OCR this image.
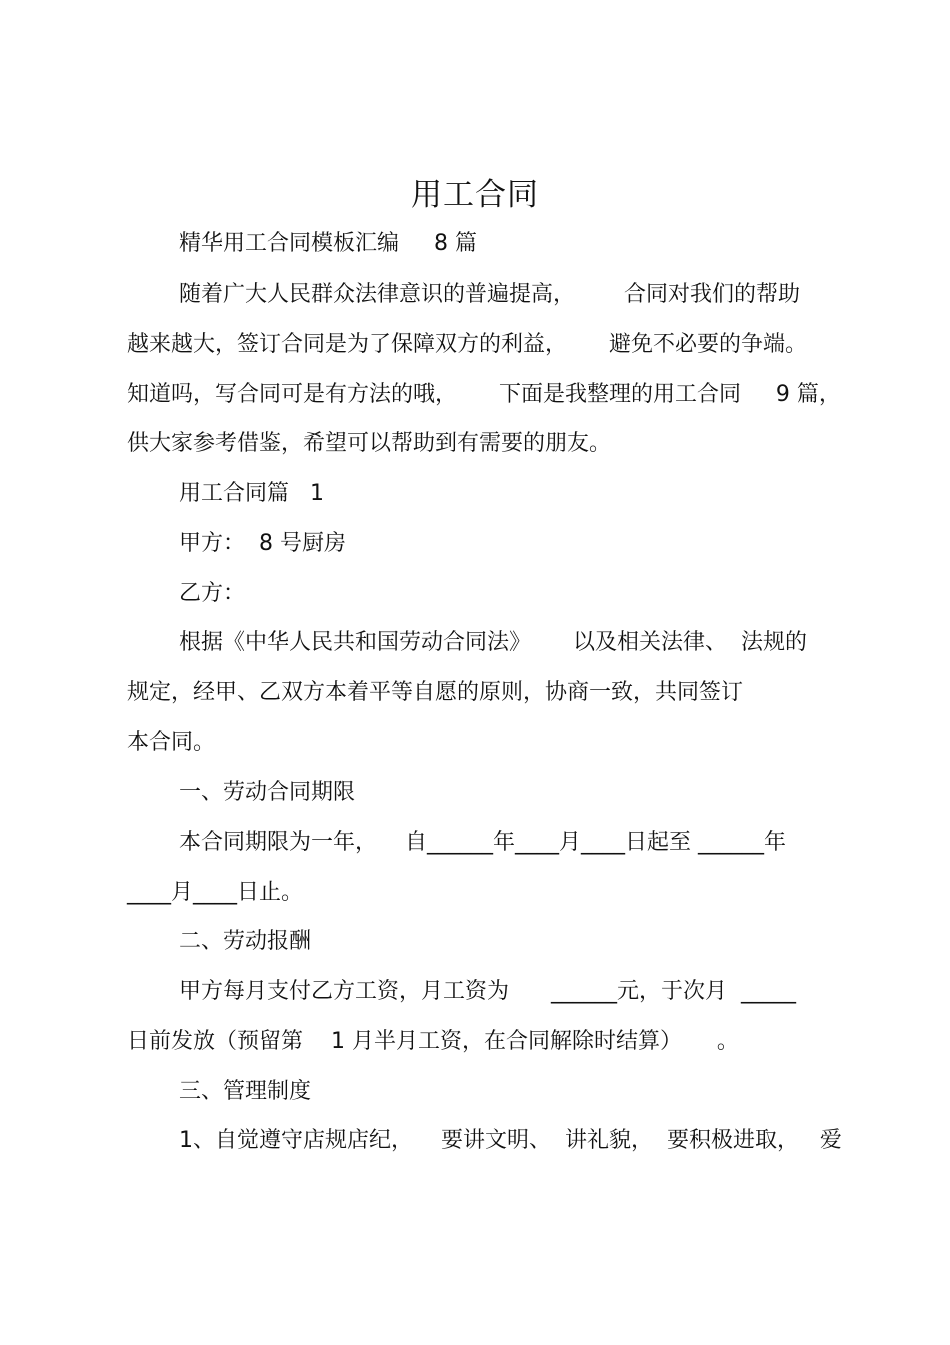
用工合同
精华用工合同模板汇编     8 篇
随着广大人民群众法律意识的普遍提高，       合同对我们的帮助
越来越大，签订合同是为了保障双方的利益，      避免不必要的争端。
知道吗，写合同可是有方法的哦，      下面是我整理的用工合同     9 篇，
供大家参考借鉴，希望可以帮助到有需要的朋友。
用工合同篇   1
甲方：  8 号厨房
乙方：
根据《中华人民共和国劳动合同法》      以及相关法律、  法规的
规定，经甲、乙双方本着平等自愿的原则，协商一致，共同签订
本合同。
一、劳动合同期限
本合同期限为一年，    自______年____月____日起至 ______年
____月____日止。
二、劳动报酬
甲方每月支付乙方工资，月工资为      ______元，于次月  _____
日前发放（预留第    1 月半月工资，在合同解除时结算）     。
三、管理制度
1、自觉遵守店规店纪，    要讲文明、  讲礼貌，  要积极进取，   爱
